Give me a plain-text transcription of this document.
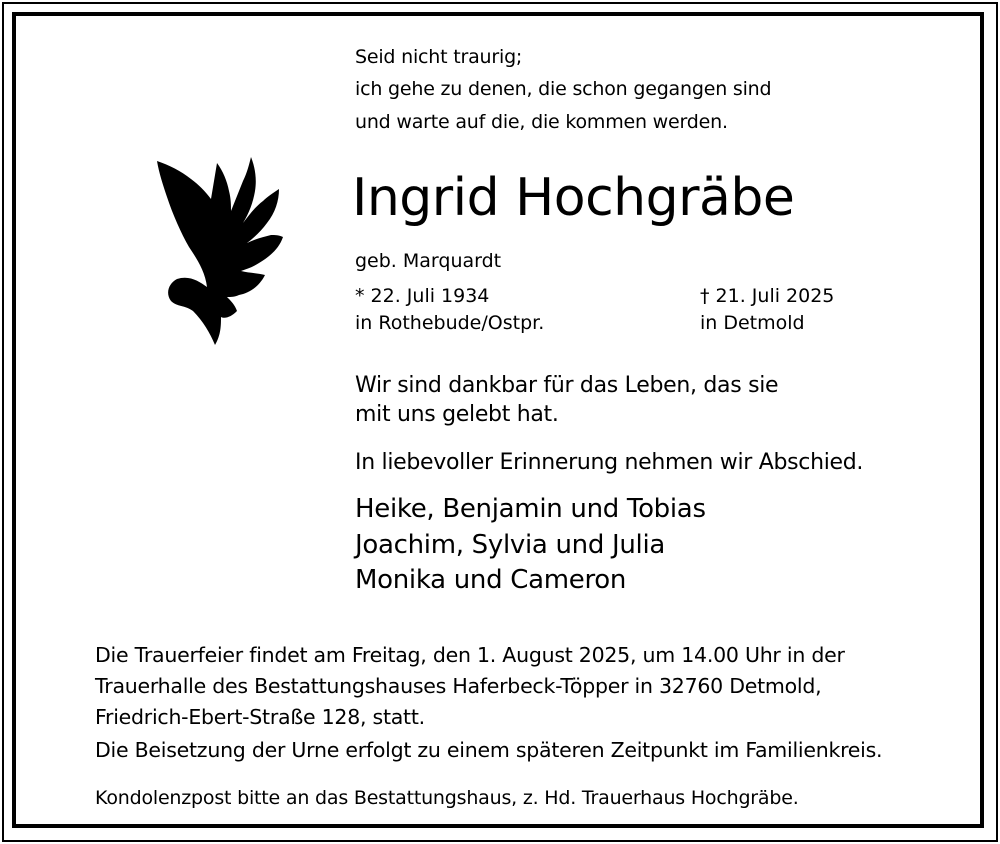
Seid nicht traurig;
ich gehe zu denen, die schon gegangen sind
und warte auf die, die kommen werden.
Ingrid Hochgräbe
geb. Marquardt
* 22. Juli 1934
in Rothebude/Ostpr.
† 21. Juli 2025
in Detmold
Wir sind dankbar für das Leben, das sie
mit uns gelebt hat.
In liebevoller Erinnerung nehmen wir Abschied.
Heike, Benjamin und Tobias
Joachim, Sylvia und Julia
Monika und Cameron
Die Trauerfeier findet am Freitag, den 1. August 2025, um 14.00 Uhr in der
Trauerhalle des Bestattungshauses Haferbeck-Töpper in 32760 Detmold,
Friedrich-Ebert-Straße 128, statt.
Die Beisetzung der Urne erfolgt zu einem späteren Zeitpunkt im Familienkreis.
Kondolenzpost bitte an das Bestattungshaus, z. Hd. Trauerhaus Hochgräbe.
